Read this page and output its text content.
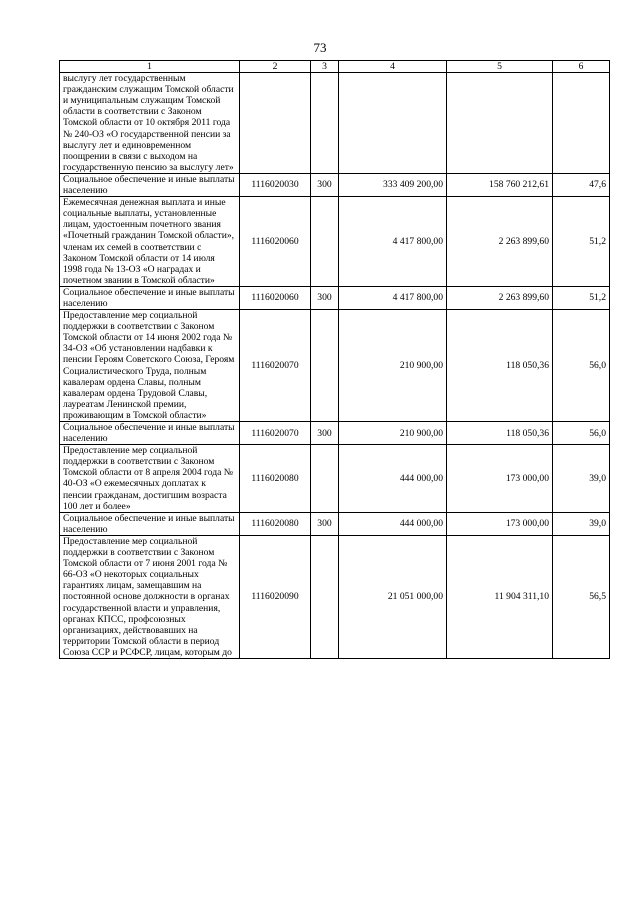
73
1	2	3	4	5	6
выслугу лет государственным гражданским служащим Томской области и муниципальным служащим Томской области в соответствии с Законом Томской области от 10 октября 2011 года № 240-ОЗ «О государственной пенсии за выслугу лет и единовременном поощрении в связи с выходом на государственную пенсию за выслугу лет»					
Социальное обеспечение и иные выплаты населению	1116020030	300	333 409 200,00	158 760 212,61	47,6
Ежемесячная денежная выплата и иные социальные выплаты, установленные лицам, удостоенным почетного звания «Почетный гражданин Томской области», членам их семей в соответствии с Законом Томской области от 14 июля 1998 года № 13-ОЗ «О наградах и почетном звании в Томской области»	1116020060		4 417 800,00	2 263 899,60	51,2
Социальное обеспечение и иные выплаты населению	1116020060	300	4 417 800,00	2 263 899,60	51,2
Предоставление мер социальной поддержки в соответствии с Законом Томской области от 14 июня 2002 года № 34-ОЗ «Об установлении надбавки к пенсии Героям Советского Союза, Героям Социалистического Труда, полным кавалерам ордена Славы, полным кавалерам ордена Трудовой Славы, лауреатам Ленинской премии, проживающим в Томской области»	1116020070		210 900,00	118 050,36	56,0
Социальное обеспечение и иные выплаты населению	1116020070	300	210 900,00	118 050,36	56,0
Предоставление мер социальной поддержки в соответствии с Законом Томской области от 8 апреля 2004 года № 40-ОЗ «О ежемесячных доплатах к пенсии гражданам, достигшим возраста 100 лет и более»	1116020080		444 000,00	173 000,00	39,0
Социальное обеспечение и иные выплаты населению	1116020080	300	444 000,00	173 000,00	39,0
Предоставление мер социальной поддержки в соответствии с Законом Томской области от 7 июня 2001 года № 66-ОЗ «О некоторых социальных гарантиях лицам, замещавшим на постоянной основе должности в органах государственной власти и управления, органах КПСС, профсоюзных организациях, действовавших на территории Томской области в период Союза ССР и РСФСР, лицам, которым до	1116020090		21 051 000,00	11 904 311,10	56,5
